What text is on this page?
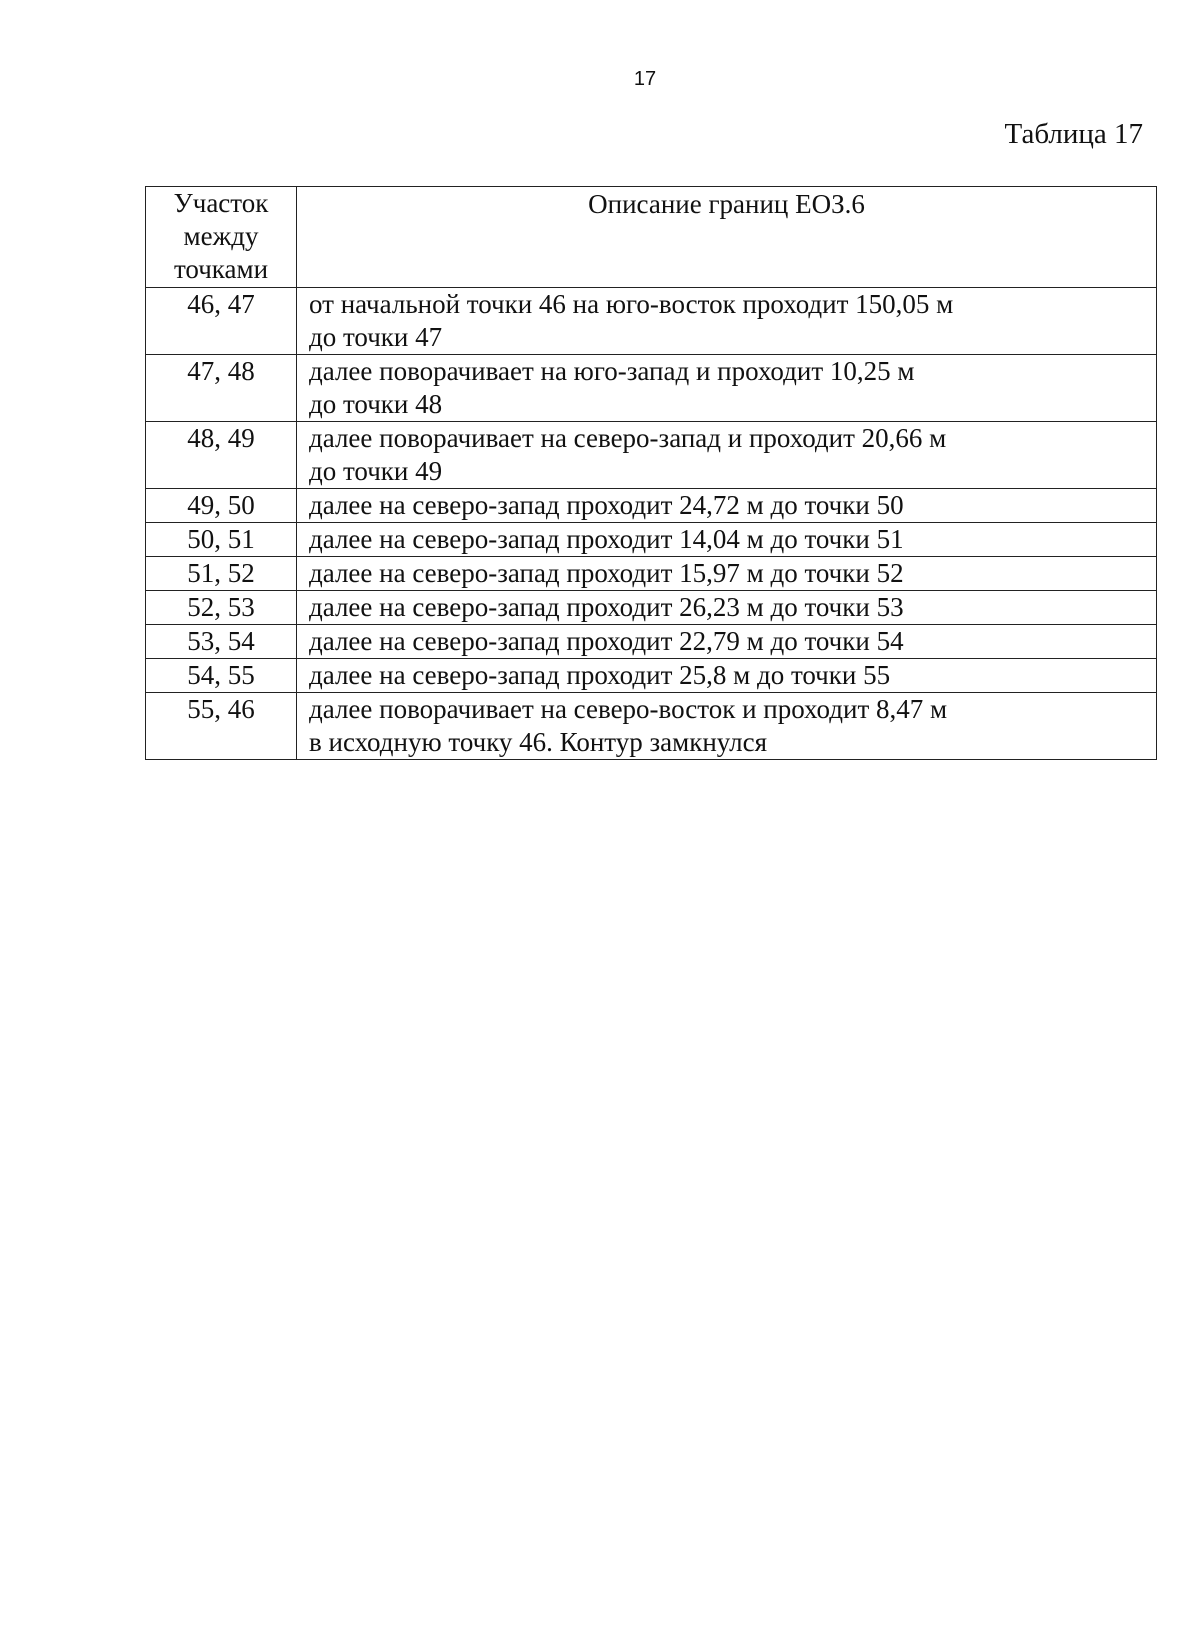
17
Таблица 17
Участок
между
точками	Описание границ ЕОЗ.6
46, 47	от начальной точки 46 на юго-восток проходит 150,05 м
до точки 47

47, 48	далее поворачивает на юго-запад и проходит 10,25 м
до точки 48

48, 49	далее поворачивает на северо-запад и проходит 20,66 м
до точки 49

49, 50	далее на северо-запад проходит 24,72 м до точки 50
50, 51	далее на северо-запад проходит 14,04 м до точки 51
51, 52	далее на северо-запад проходит 15,97 м до точки 52
52, 53	далее на северо-запад проходит 26,23 м до точки 53
53, 54	далее на северо-запад проходит 22,79 м до точки 54
54, 55	далее на северо-запад проходит 25,8 м до точки 55
55, 46	далее поворачивает на северо-восток и проходит 8,47 м
в исходную точку 46. Контур замкнулся
